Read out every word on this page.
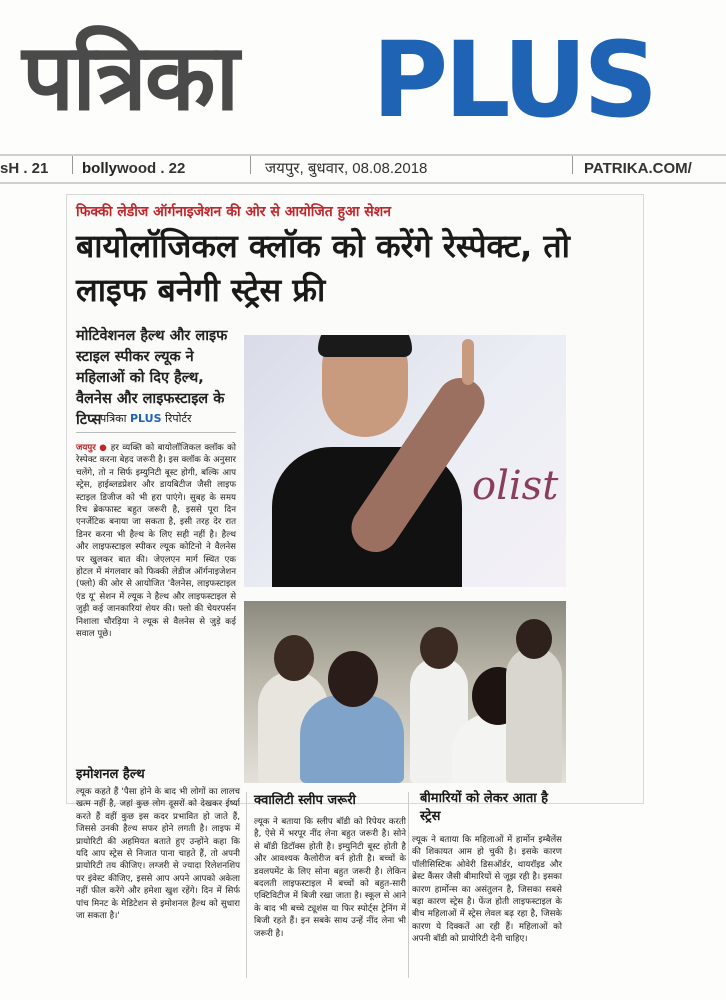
पत्रिका PLUS
sH . 21 bollywood . 22	जयपुर, बुधवार, 08.08.2018	PATRIKA.COM/
फिक्की लेडीज ऑर्गनाइजेशन की ओर से आयोजित हुआ सेशन
बायोलॉजिकल क्लॉक को करेंगे रेस्पेक्ट, तो लाइफ बनेगी स्ट्रेस फ्री
मोटिवेशनल हैल्थ और लाइफ स्टाइल स्पीकर ल्यूक ने महिलाओं को दिए हैल्थ, वैलनेस और लाइफस्टाइल के टिप्स
पत्रिका PLUS रिपोर्टर
जयपुर ● हर व्यक्ति को बायोलॉजिकल क्लॉक को रेस्पेक्ट करना बेहद जरूरी है। इस क्लॉक के अनुसार चलेंगे, तो न सिर्फ इम्युनिटी बूस्ट होगी, बल्कि आप स्ट्रेस, हाईब्लडप्रेशर और डायबिटीज जैसी लाइफ स्टाइल डिजीज को भी हरा पाएंगे। सुबह के समय रिच ब्रेकफास्ट बहुत जरूरी है, इससे पूरा दिन एनर्जेटिक बनाया जा सकता है, इसी तरह देर रात डिनर करना भी हैल्थ के लिए सही नहीं है। हैल्थ और लाइफस्टाइल स्पीकर ल्यूक कोटिनो ने वैलनेस पर खुलकर बात की। जेएलएन मार्ग स्थित एक होटल में मंगलवार को फिक्की लेडीज ऑर्गनाइजेशन (फ्लो) की ओर से आयोजित 'वैलनेस, लाइफस्टाइल एंड यू' सेशन में ल्यूक ने हैल्थ और लाइफस्टाइल से जुड़ी कई जानकारियां शेयर की। फ्लो की चेयरपर्सन निशाला चौरड़िया ने ल्यूक से वैलनेस से जुड़े कई सवाल पूछे।
इमोशनल हैल्थ
ल्यूक कहते हैं 'पैसा होने के बाद भी लोगों का लालच खत्म नहीं है, जहां कुछ लोग दूसरों को देखकर ईर्ष्या करते हैं वहीं कुछ इस कदर प्रभावित हो जाते हैं, जिससे उनकी हैल्थ सफर होने लगती है। लाइफ में प्रायोरिटी की अहमियत बताते हुए उन्होंने कहा कि यदि आप स्ट्रेस से निजात पाना चाहते हैं, तो अपनी प्रायोरिटी तय कीजिए। लग्जरी से ज्यादा रिलेशनशिप पर इंवेस्ट कीजिए, इससे आप अपने आपको अकेला नहीं फील करेंगे और हमेशा खुश रहेंगे। दिन में सिर्फ पांच मिनट के मेडिटेशन से इमोशनल हैल्थ को सुधारा जा सकता है।'
olist
क्वालिटी स्लीप जरूरी	बीमारियों को लेकर आता है स्ट्रेस
ल्यूक ने बताया कि स्लीप बॉडी को रिपेयर करती है, ऐसे में भरपूर नींद लेना बहुत जरूरी है। सोने से बॉडी डिटॉक्स होती है। इम्युनिटी बूस्ट होती है और आवश्यक कैलोरीज बर्न होती है। बच्चों के डवलपमेंट के लिए सोना बहुत जरूरी है। लेकिन बदलती लाइफस्टाइल में बच्चों को बहुत-सारी एक्टिविटीज में बिजी रखा जाता है। स्कूल से आने के बाद भी बच्चे ट्यूशंस या फिर स्पोर्ट्स ट्रेनिंग में बिजी रहते हैं। इन सबके साथ उन्हें नींद लेना भी जरूरी है।
ल्यूक ने बताया कि महिलाओं में हार्मोन इम्बैलेंस की शिकायत आम हो चुकी है। इसके कारण पॉलीसिस्टिक ओवेरी डिसऑर्डर, थायरॉइड और ब्रेस्ट कैंसर जैसी बीमारियों से जूझ रही है। इसका कारण हार्मोन्स का असंतुलन है, जिसका सबसे बड़ा कारण स्ट्रेस है। फेंज होती लाइफस्टाइल के बीच महिलाओं में स्ट्रेस लेवल बढ़ रहा है, जिसके कारण ये दिक्कतें आ रही हैं। महिलाओं को अपनी बॉडी को प्रायोरिटी देनी चाहिए।
